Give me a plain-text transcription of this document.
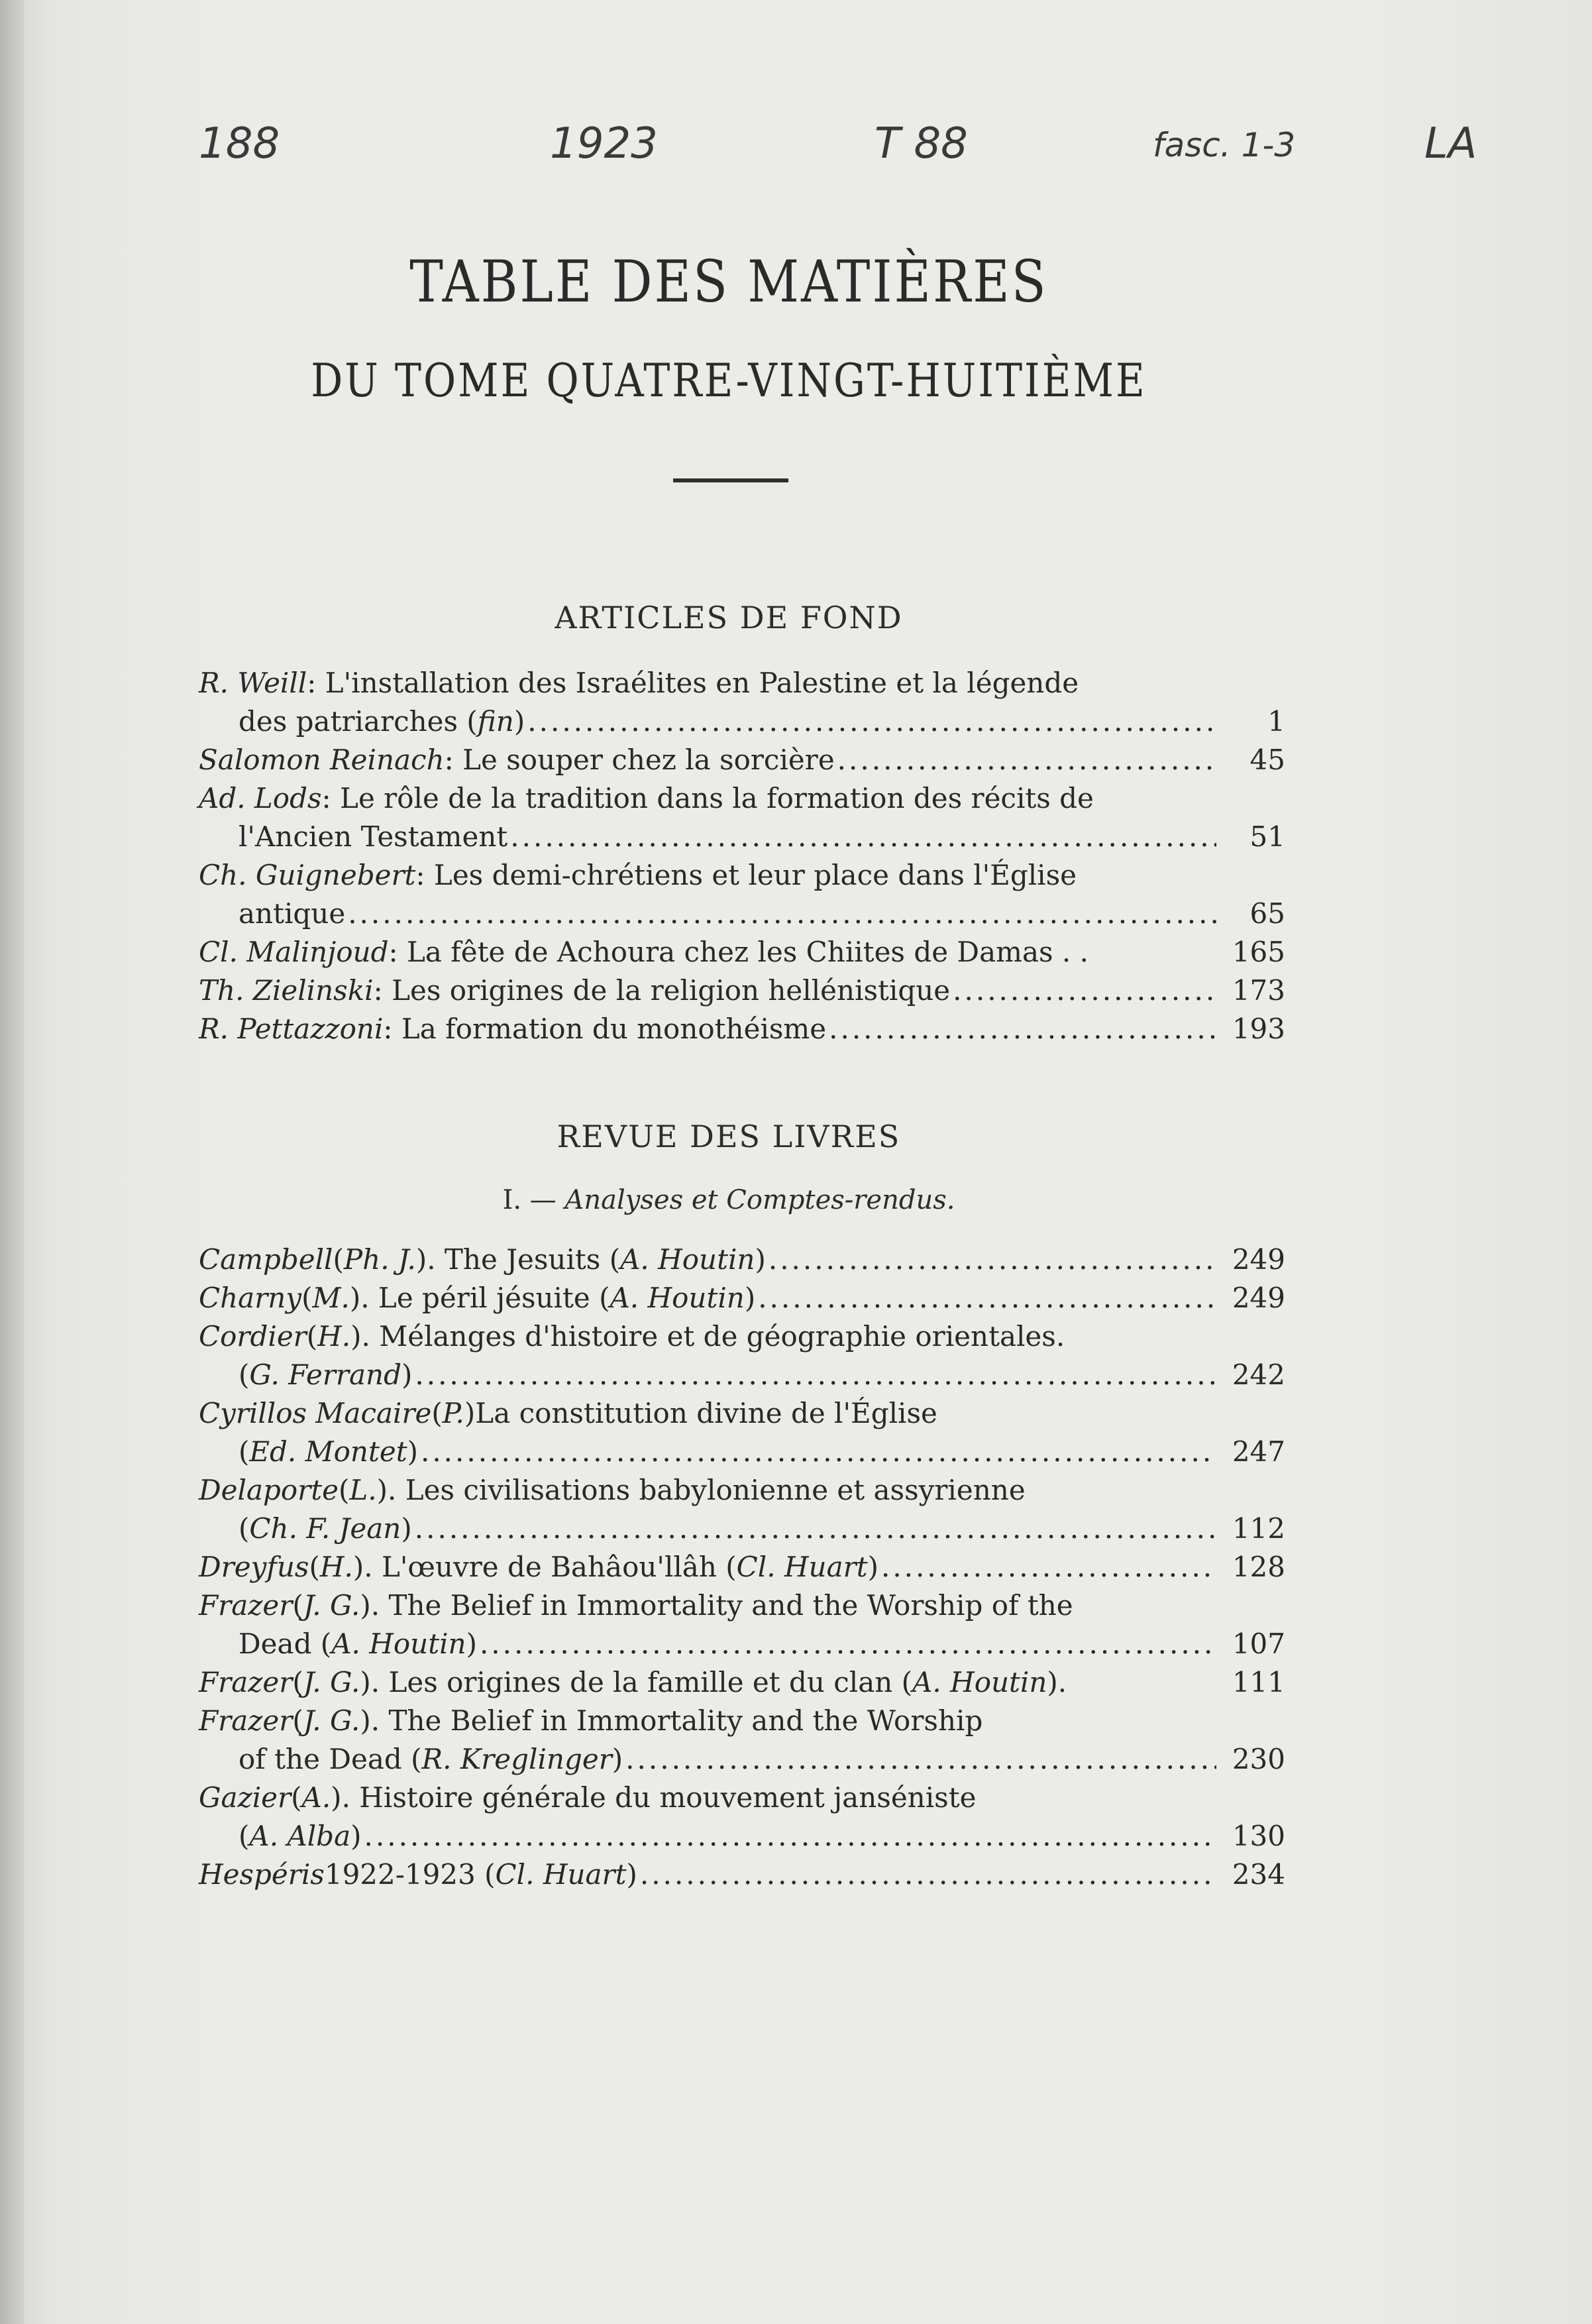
188	1923	T 88	fasc. 1-3	LA
TABLE DES MATIÈRES
DU TOME QUATRE-VINGT-HUITIÈME
ARTICLES DE FOND
R. Weill : L'installation des Israélites en Palestine et la légende
des patriarches ( fin ) .....	1
Salomon Reinach : Le souper chez la sorcière .....	45
Ad. Lods : Le rôle de la tradition dans la formation des récits de
l'Ancien Testament .....	51
Ch. Guignebert : Les demi-chrétiens et leur place dans l'Église
antique .....	65
Cl. Malinjoud : La fête de Achoura chez les Chiites de Damas . .	165
Th. Zielinski : Les origines de la religion hellénistique .....	173
R. Pettazzoni : La formation du monothéisme .....	193
REVUE DES LIVRES
I. — Analyses et Comptes-rendus.
Campbell ( Ph. J. ) . The Jesuits ( A. Houtin ) .....	249
Charny ( M. ) . Le péril jésuite ( A. Houtin ) .....	249
Cordier ( H. ) . Mélanges d'histoire et de géographie orientales.
( G. Ferrand ) .....	242
Cyrillos Macaire ( P. ) La constitution divine de l'Église
( Ed. Montet ) .....	247
Delaporte ( L. ) . Les civilisations babylonienne et assyrienne
( Ch. F. Jean ) .....	112
Dreyfus ( H. ) . L'œuvre de Bahâou'llâh ( Cl. Huart ) .....	128
Frazer ( J. G. ) . The Belief in Immortality and the Worship of the
Dead ( A. Houtin ) .....	107
Frazer ( J. G. ) . Les origines de la famille et du clan ( A. Houtin ).	111
Frazer ( J. G. ) . The Belief in Immortality and the Worship
of the Dead ( R. Kreglinger ) .....	230
Gazier ( A. ) . Histoire générale du mouvement janséniste
( A. Alba ) .....	130
Hespéris 1922-1923 ( Cl. Huart ) .....	234
